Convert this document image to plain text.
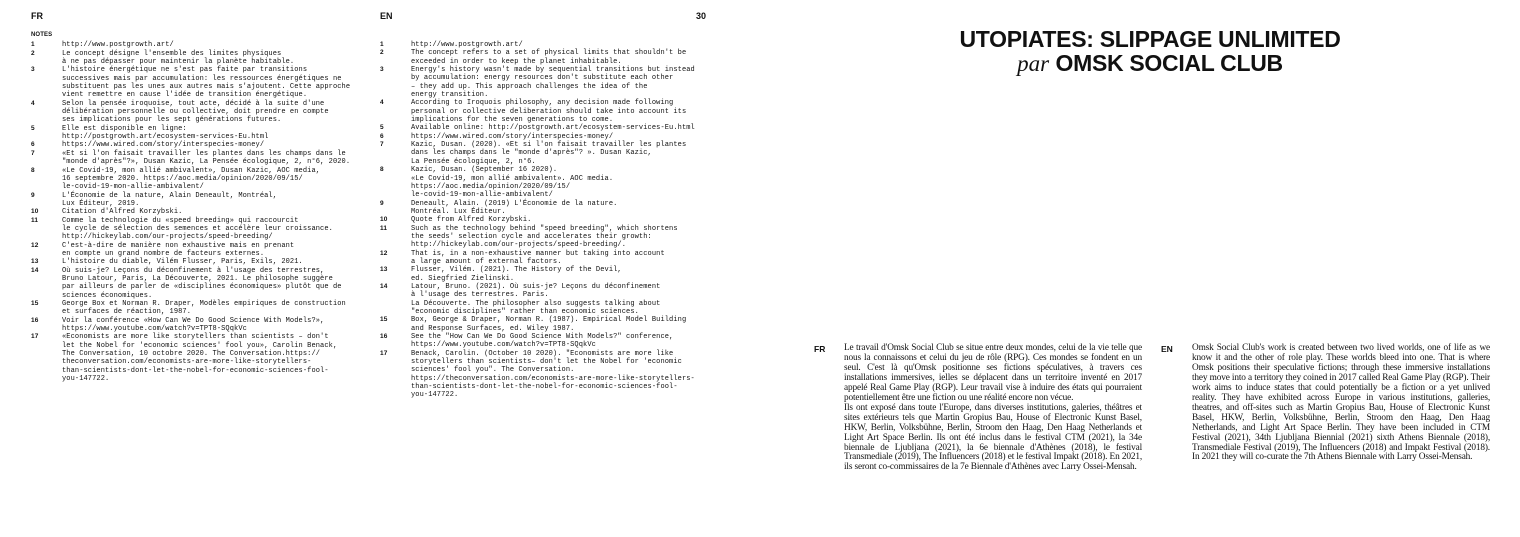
FR	EN	30
NOTES
1	http://www.postgrowth.art/
2	Le concept désigne l'ensemble des limites physiques
à ne pas dépasser pour maintenir la planète habitable.
3	L'histoire énergétique ne s'est pas faite par transitions
successives mais par accumulation: les ressources énergétiques ne
substituent pas les unes aux autres mais s'ajoutent. Cette approche
vient remettre en cause l'idée de transition énergétique.
4	Selon la pensée iroquoise, tout acte, décidé à la suite d'une
délibération personnelle ou collective, doit prendre en compte
ses implications pour les sept générations futures.
5	Elle est disponible en ligne:
http://postgrowth.art/ecosystem-services-Eu.html
6	https://www.wired.com/story/interspecies-money/
7	«Et si l'on faisait travailler les plantes dans les champs dans le
"monde d'après"?», Dusan Kazic, La Pensée écologique, 2, n°6, 2020.
8	«Le Covid-19, mon allié ambivalent», Dusan Kazic, AOC media,
16 septembre 2020. https://aoc.media/opinion/2020/09/15/
le-covid-19-mon-allie-ambivalent/
9	L'Économie de la nature, Alain Deneault, Montréal,
Lux Éditeur, 2019.
10	Citation d'Alfred Korzybski.
11	Comme la technologie du «speed breeding» qui raccourcit
le cycle de sélection des semences et accélère leur croissance.
http://hickeylab.com/our-projects/speed-breeding/
12	C'est-à-dire de manière non exhaustive mais en prenant
en compte un grand nombre de facteurs externes.
13	L'histoire du diable, Vilém Flusser, Paris, Exils, 2021.
14	Où suis-je? Leçons du déconfinement à l'usage des terrestres,
Bruno Latour, Paris, La Découverte, 2021. Le philosophe suggère
par ailleurs de parler de «disciplines économiques» plutôt que de
sciences économiques.
15	George Box et Norman R. Draper, Modèles empiriques de construction
et surfaces de réaction, 1987.
16	Voir la conférence «How Can We Do Good Science With Models?»,
https://www.youtube.com/watch?v=TPT8-SQqkVc
17	«Economists are more like storytellers than scientists – don't
let the Nobel for 'economic sciences' fool you», Carolin Benack,
The Conversation, 10 octobre 2020. The Conversation.https://
theconversation.com/economists-are-more-like-storytellers-
than-scientists-dont-let-the-nobel-for-economic-sciences-fool-
you-147722.
1	http://www.postgrowth.art/
2	The concept refers to a set of physical limits that shouldn't be
exceeded in order to keep the planet inhabitable.
3	Energy's history wasn't made by sequential transitions but instead
by accumulation: energy resources don't substitute each other
– they add up. This approach challenges the idea of the
energy transition.
4	According to Iroquois philosophy, any decision made following
personal or collective deliberation should take into account its
implications for the seven generations to come.
5	Available online: http://postgrowth.art/ecosystem-services-Eu.html
6	https://www.wired.com/story/interspecies-money/
7	Kazic, Dusan. (2020). «Et si l'on faisait travailler les plantes
dans les champs dans le "monde d'après"? ». Dusan Kazic,
La Pensée écologique, 2, n°6.
8	Kazic, Dusan. (September 16 2020).
«Le Covid-19, mon allié ambivalent». AOC media.
https://aoc.media/opinion/2020/09/15/
le-covid-19-mon-allie-ambivalent/
9	Deneault, Alain. (2019) L'Économie de la nature.
Montréal. Lux Éditeur.
10	Quote from Alfred Korzybski.
11	Such as the technology behind "speed breeding", which shortens
the seeds' selection cycle and accelerates their growth:
http://hickeylab.com/our-projects/speed-breeding/.
12	That is, in a non-exhaustive manner but taking into account
a large amount of external factors.
13	Flusser, Vilém. (2021). The History of the Devil,
ed. Siegfried Zielinski.
14	Latour, Bruno. (2021). Où suis-je? Leçons du déconfinement
à l'usage des terrestres. Paris.
La Découverte. The philosopher also suggests talking about
"economic disciplines" rather than economic sciences.
15	Box, George & Draper, Norman R. (1987). Empirical Model Building
and Response Surfaces, ed. Wiley 1987.
16	See the "How Can We Do Good Science With Models?" conference,
https://www.youtube.com/watch?v=TPT8-SQqkVc
17	Benack, Carolin. (October 10 2020). "Economists are more like
storytellers than scientists– don't let the Nobel for 'economic
sciences' fool you". The Conversation.
https://theconversation.com/economists-are-more-like-storytellers-
than-scientists-dont-let-the-nobel-for-economic-sciences-fool-
you-147722.
UTOPIATES: SLIPPAGE UNLIMITED
par OMSK SOCIAL CLUB
FR Le travail d'Omsk Social Club se situe entre deux mondes, celui de la vie telle que nous la connaissons et celui du jeu de rôle (RPG). Ces mondes se fondent en un seul. C'est là qu'Omsk positionne ses fictions spéculatives, à travers ces installations immersives, ielles se déplacent dans un territoire inventé en 2017 appelé Real Game Play (RGP). Leur travail vise à induire des états qui pourraient potentiellement être une fiction ou une réalité encore non vécue.

Ils ont exposé dans toute l'Europe, dans diverses institutions, galeries, théâtres et sites extérieurs tels que Martin Gropius Bau, House of Electronic Kunst Basel, HKW, Berlin, Volksbühne, Berlin, Stroom den Haag, Den Haag Netherlands et Light Art Space Berlin. Ils ont été inclus dans le festival CTM (2021), la 34e biennale de Ljubljana (2021), la 6e biennale d'Athènes (2018), le festival Transmediale (2019), The Influencers (2018) et le festival Impakt (2018). En 2021, ils seront co-commissaires de la 7e Biennale d'Athènes avec Larry Ossei-Mensah.

EN Omsk Social Club's work is created between two lived worlds, one of life as we know it and the other of role play. These worlds bleed into one. That is where Omsk positions their speculative fictions; through these immersive installations they move into a territory they coined in 2017 called Real Game Play (RGP). Their work aims to induce states that could potentially be a fiction or a yet unlived reality. They have exhibited across Europe in various institutions, galleries, theatres, and off-sites such as Martin Gropius Bau, House of Electronic Kunst Basel, HKW, Berlin, Volksbühne, Berlin, Stroom den Haag, Den Haag Netherlands, and Light Art Space Berlin. They have been included in CTM Festival (2021), 34th Ljubljana Biennial (2021) sixth Athens Biennale (2018), Transmediale Festival (2019), The Influencers (2018) and Impakt Festival (2018). In 2021 they will co-curate the 7th Athens Biennale with Larry Ossei-Mensah.
